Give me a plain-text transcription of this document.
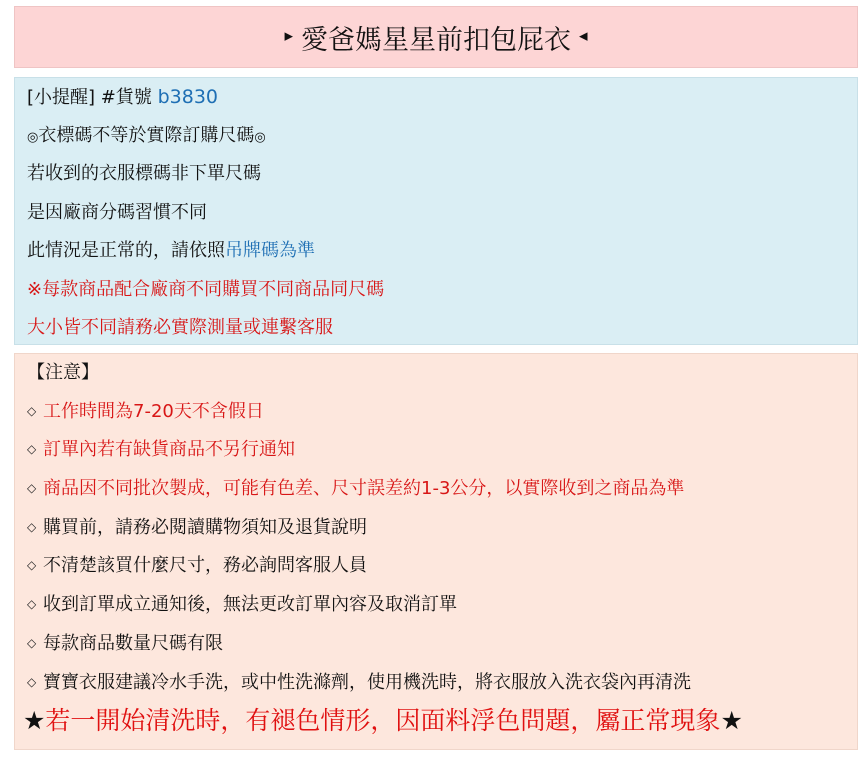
▸ 愛爸媽星星前扣包屁衣 ◂
[小提醒] #貨號 b3830
◎衣標碼不等於實際訂購尺碼◎
若收到的衣服標碼非下單尺碼
是因廠商分碼習慣不同
此情況是正常的，請依照吊牌碼為準
※每款商品配合廠商不同購買不同商品同尺碼
大小皆不同請務必實際測量或連繫客服
【注意】
◇ 工作時間為7-20天不含假日
◇ 訂單內若有缺貨商品不另行通知
◇ 商品因不同批次製成，可能有色差、尺寸誤差約1-3公分，以實際收到之商品為準
◇ 購買前，請務必閱讀購物須知及退貨說明
◇ 不清楚該買什麼尺寸，務必詢問客服人員
◇ 收到訂單成立通知後，無法更改訂單內容及取消訂單
◇ 每款商品數量尺碼有限
◇ 寶寶衣服建議冷水手洗，或中性洗滌劑，使用機洗時，將衣服放入洗衣袋內再清洗
★若一開始清洗時，有褪色情形，因面料浮色問題，屬正常現象★
